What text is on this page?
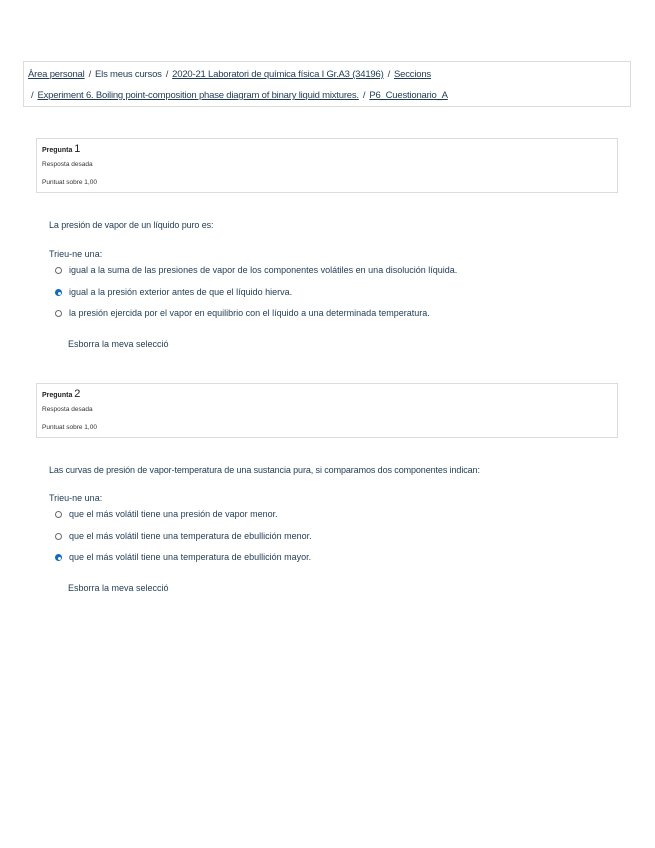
Àrea personal / Els meus cursos / 2020-21 Laboratori de química física I Gr.A3 (34196) / Seccions
/ Experiment 6. Boiling point-composition phase diagram of binary liquid mixtures. / P6_Cuestionario_A
Pregunta 1
Resposta desada
Puntuat sobre 1,00
La presión de vapor de un líquido puro es:
Trieu-ne una:
igual a la suma de las presiones de vapor de los componentes volátiles en una disolución líquida.
igual a la presión exterior antes de que el líquido hierva.
la presión ejercida por el vapor en equilibrio con el líquido a una determinada temperatura.
Esborra la meva selecció
Pregunta 2
Resposta desada
Puntuat sobre 1,00
Las curvas de presión de vapor-temperatura de una sustancia pura, si comparamos dos componentes indican:
Trieu-ne una:
que el más volátil tiene una presión de vapor menor.
que el más volátil tiene una temperatura de ebullición menor.
que el más volátil tiene una temperatura de ebullición mayor.
Esborra la meva selecció
